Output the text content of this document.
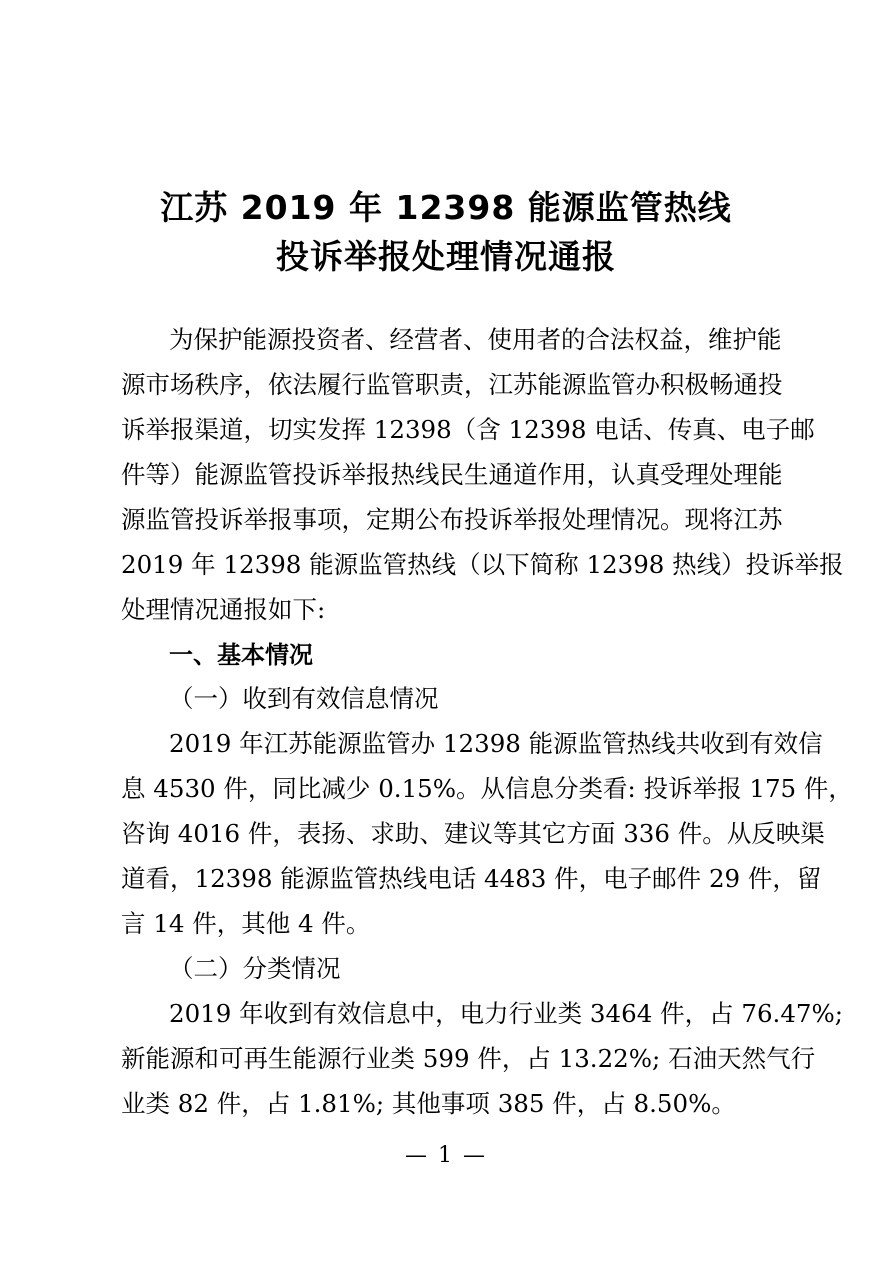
江苏 2019 年 12398 能源监管热线
投诉举报处理情况通报
为保护能源投资者、经营者、使用者的合法权益，维护能
源市场秩序，依法履行监管职责，江苏能源监管办积极畅通投
诉举报渠道，切实发挥 12398（含 12398 电话、传真、电子邮
件等）能源监管投诉举报热线民生通道作用，认真受理处理能
源监管投诉举报事项，定期公布投诉举报处理情况。现将江苏
2019 年 12398 能源监管热线（以下简称 12398 热线）投诉举报
处理情况通报如下:
一、基本情况
（一）收到有效信息情况
2019 年江苏能源监管办 12398 能源监管热线共收到有效信
息 4530 件，同比减少 0.15%。从信息分类看: 投诉举报 175 件，
咨询 4016 件，表扬、求助、建议等其它方面 336 件。从反映渠
道看，12398 能源监管热线电话 4483 件，电子邮件 29 件，留
言 14 件，其他 4 件。
（二）分类情况
2019 年收到有效信息中，电力行业类 3464 件，占 76.47%;
新能源和可再生能源行业类 599 件，占 13.22%; 石油天然气行
业类 82 件，占 1.81%; 其他事项 385 件，占 8.50%。
— 1 —
